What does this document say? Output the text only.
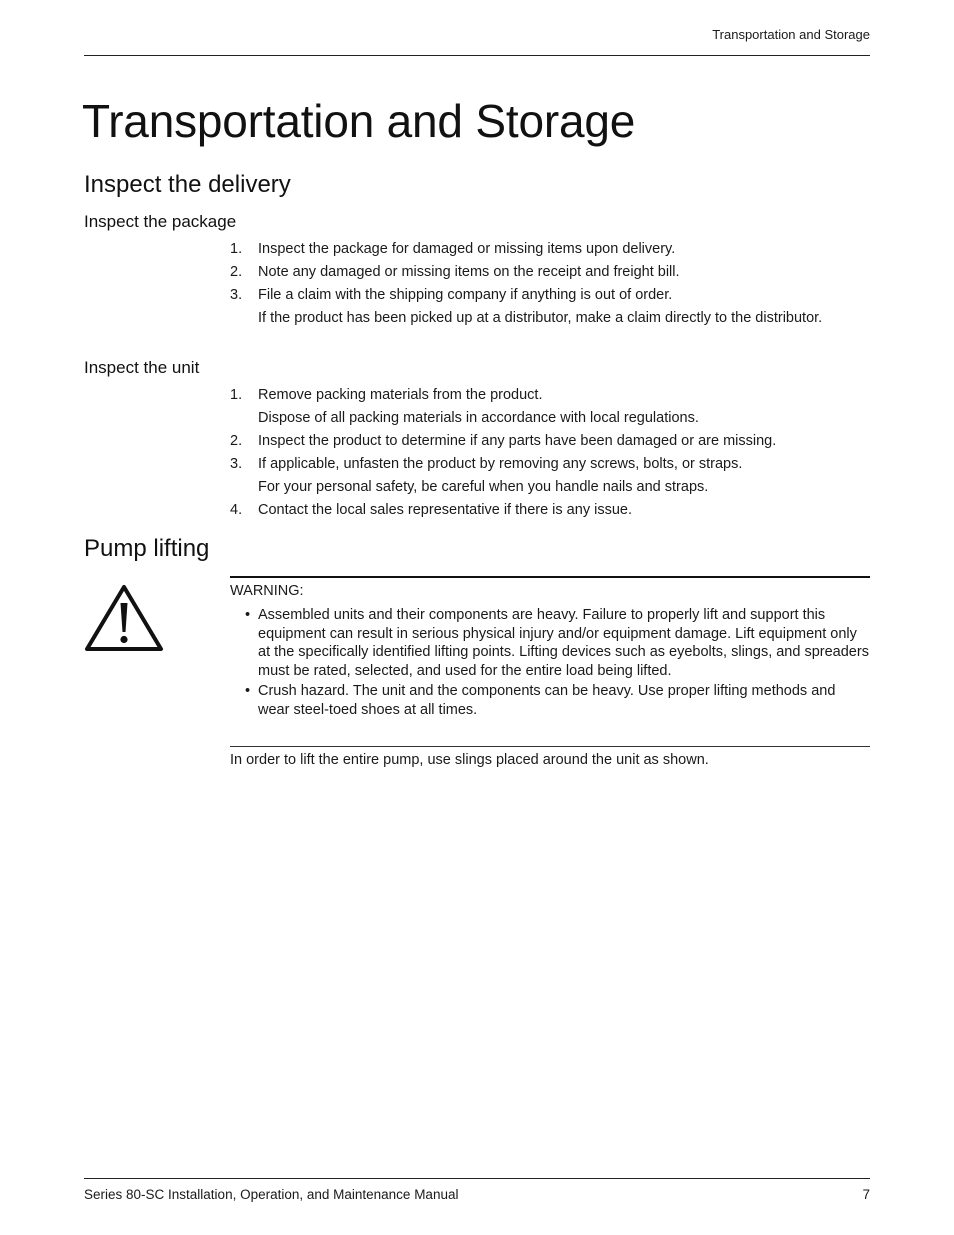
Transportation and Storage
Transportation and Storage
Inspect the delivery
Inspect the package
1. Inspect the package for damaged or missing items upon delivery.
2. Note any damaged or missing items on the receipt and freight bill.
3. File a claim with the shipping company if anything is out of order.
If the product has been picked up at a distributor, make a claim directly to the distributor.
Inspect the unit
1. Remove packing materials from the product.
Dispose of all packing materials in accordance with local regulations.
2. Inspect the product to determine if any parts have been damaged or are missing.
3. If applicable, unfasten the product by removing any screws, bolts, or straps.
For your personal safety, be careful when you handle nails and straps.
4. Contact the local sales representative if there is any issue.
Pump lifting
WARNING:
• Assembled units and their components are heavy. Failure to properly lift and support this equipment can result in serious physical injury and/or equipment damage. Lift equipment only at the specifically identified lifting points. Lifting devices such as eyebolts, slings, and spreaders must be rated, selected, and used for the entire load being lifted.
• Crush hazard. The unit and the components can be heavy. Use proper lifting methods and wear steel-toed shoes at all times.

In order to lift the entire pump, use slings placed around the unit as shown.

Series 80-SC Installation, Operation, and Maintenance Manual	7
